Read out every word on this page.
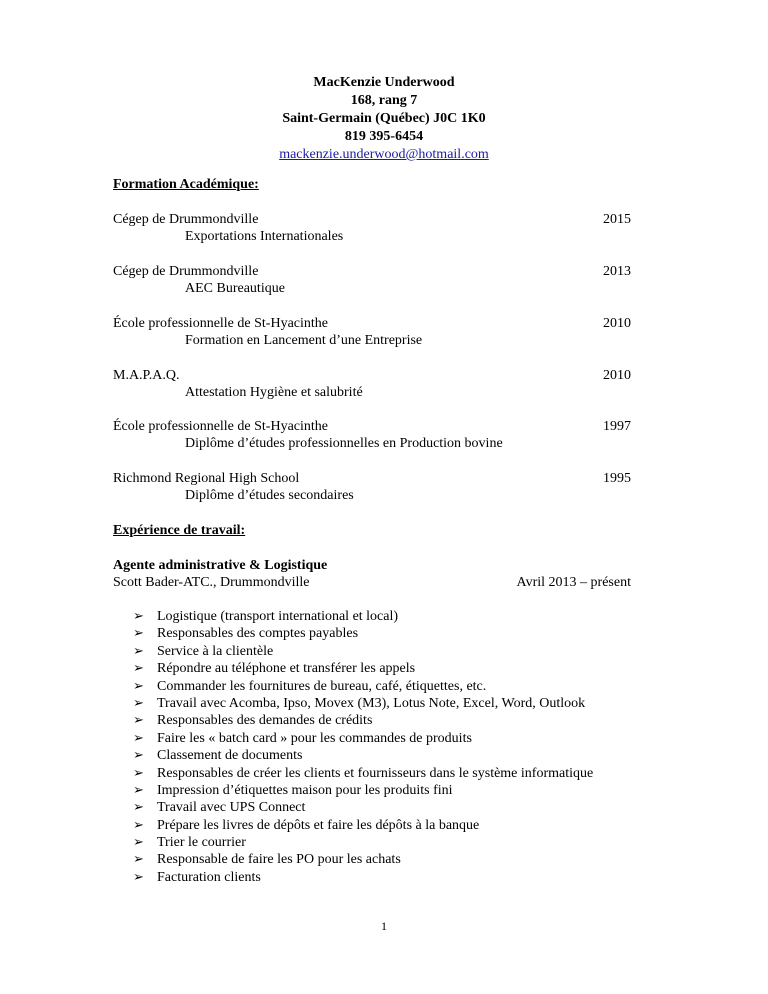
MacKenzie Underwood
168, rang 7
Saint-Germain (Québec) J0C 1K0
819 395-6454
mackenzie.underwood@hotmail.com
Formation Académique:
Cégep de Drummondville	2015
Exportations Internationales
Cégep de Drummondville	2013
AEC Bureautique
École professionnelle de St-Hyacinthe	2010
Formation en Lancement d’une Entreprise
M.A.P.A.Q.	2010
Attestation Hygiène et salubrité
École professionnelle de St-Hyacinthe	1997
Diplôme d’études professionnelles en Production bovine
Richmond Regional High School	1995
Diplôme d’études secondaires
Expérience de travail:
Agente administrative & Logistique
Scott Bader-ATC., Drummondville	Avril 2013 – présent
➢ Logistique (transport international et local)
➢ Responsables des comptes payables
➢ Service à la clientèle
➢ Répondre au téléphone et transférer les appels
➢ Commander les fournitures de bureau, café, étiquettes, etc.
➢ Travail avec Acomba, Ipso, Movex (M3), Lotus Note, Excel, Word, Outlook
➢ Responsables des demandes de crédits
➢ Faire les « batch card » pour les commandes de produits
➢ Classement de documents
➢ Responsables de créer les clients et fournisseurs dans le système informatique
➢ Impression d’étiquettes maison pour les produits fini
➢ Travail avec UPS Connect
➢ Prépare les livres de dépôts et faire les dépôts à la banque
➢ Trier le courrier
➢ Responsable de faire les PO pour les achats
➢ Facturation clients
1
